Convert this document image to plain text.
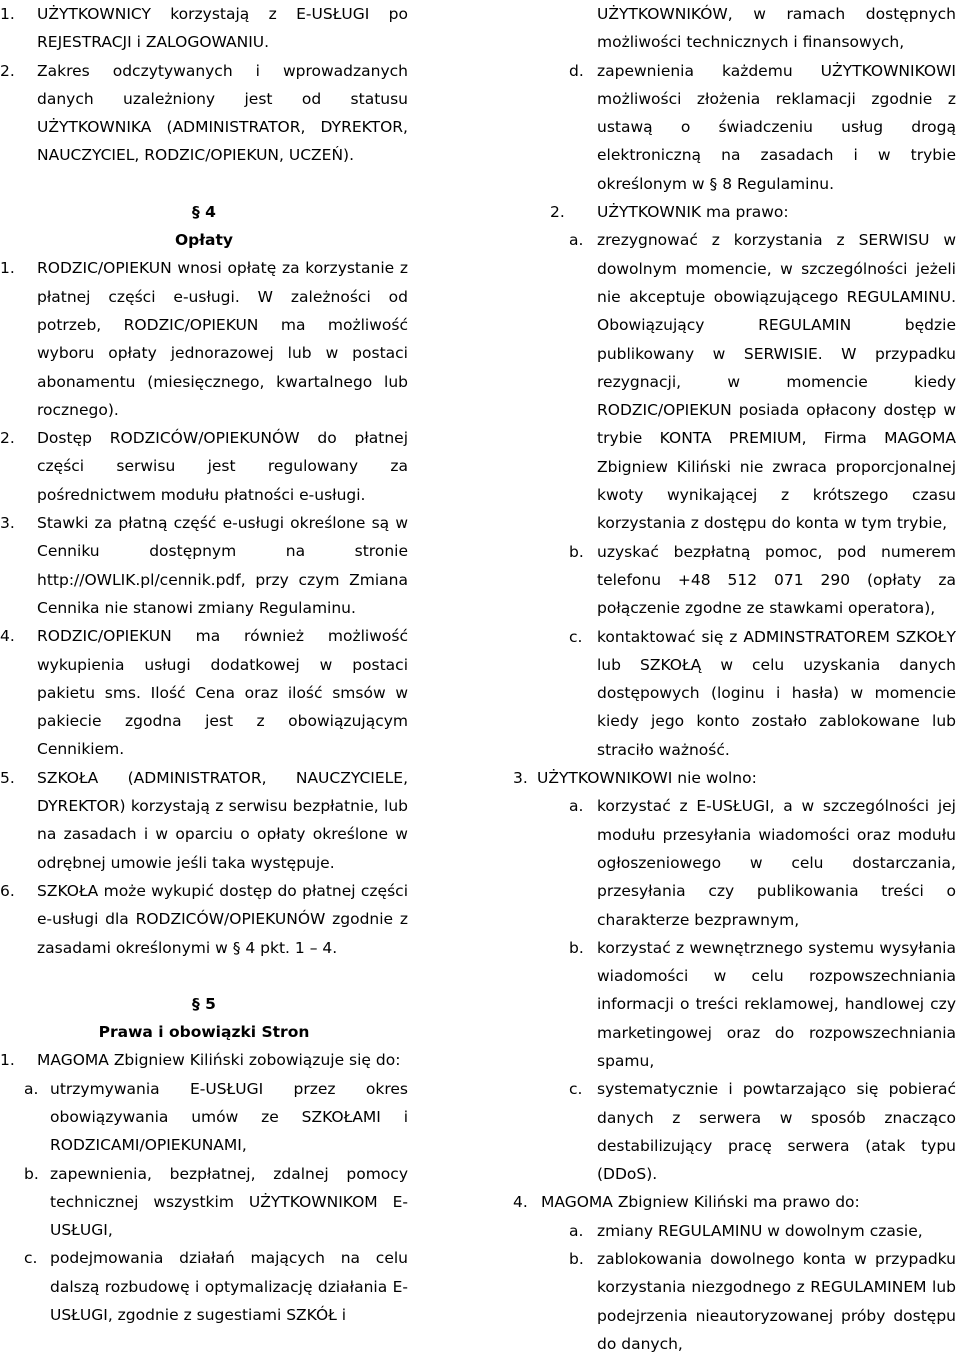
1. UŻYTKOWNICY korzystają z E-USŁUGI po REJESTRACJI i ZALOGOWANIU.
2. Zakres odczytywanych i wprowadzanych danych uzależniony jest od statusu UŻYTKOWNIKA (ADMINISTRATOR, DYREKTOR, NAUCZYCIEL, RODZIC/OPIEKUN, UCZEŃ).
§ 4
Opłaty
1. RODZIC/OPIEKUN wnosi opłatę za korzystanie z płatnej części e-usługi. W zależności od potrzeb, RODZIC/OPIEKUN ma możliwość wyboru opłaty jednorazowej lub w postaci abonamentu (miesięcznego, kwartalnego lub rocznego).
2. Dostęp RODZICÓW/OPIEKUNÓW do płatnej części serwisu jest regulowany za pośrednictwem modułu płatności e-usługi.
3. Stawki za płatną część e-usługi określone są w Cenniku dostępnym na stronie http://OWLIK.pl/cennik.pdf, przy czym Zmiana Cennika nie stanowi zmiany Regulaminu.
4. RODZIC/OPIEKUN ma również możliwość wykupienia usługi dodatkowej w postaci pakietu sms. Ilość Cena oraz ilość smsów w pakiecie zgodna jest z obowiązującym Cennikiem.
5. SZKOŁA (ADMINISTRATOR, NAUCZYCIELE, DYREKTOR) korzystają z serwisu bezpłatnie, lub na zasadach i w oparciu o opłaty określone w odrębnej umowie jeśli taka występuje.
6. SZKOŁA może wykupić dostęp do płatnej części e-usługi dla RODZICÓW/OPIEKUNÓW zgodnie z zasadami określonymi w § 4 pkt. 1 – 4.
§ 5
Prawa i obowiązki Stron
1. MAGOMA Zbigniew Kiliński zobowiązuje się do:
a. utrzymywania E-USŁUGI przez okres obowiązywania umów ze SZKOŁAMI i RODZICAMI/OPIEKUNAMI,
b. zapewnienia, bezpłatnej, zdalnej pomocy technicznej wszystkim UŻYTKOWNIKOM E-USŁUGI,
c. podejmowania działań mających na celu dalszą rozbudowę i optymalizację działania E-USŁUGI, zgodnie z sugestiami SZKÓŁ i
UŻYTKOWNIKÓW, w ramach dostępnych możliwości technicznych i finansowych,
d. zapewnienia każdemu UŻYTKOWNIKOWI możliwości złożenia reklamacji zgodnie z ustawą o świadczeniu usług drogą elektroniczną na zasadach i w trybie określonym w § 8 Regulaminu.
2. UŻYTKOWNIK ma prawo:
a. zrezygnować z korzystania z SERWISU w dowolnym momencie, w szczególności jeżeli nie akceptuje obowiązującego REGULAMINU. Obowiązujący REGULAMIN będzie publikowany w SERWISIE. W przypadku rezygnacji, w momencie kiedy RODZIC/OPIEKUN posiada opłacony dostęp w trybie KONTA PREMIUM, Firma MAGOMA Zbigniew Kiliński nie zwraca proporcjonalnej kwoty wynikającej z krótszego czasu korzystania z dostępu do konta w tym trybie,
b. uzyskać bezpłatną pomoc, pod numerem telefonu +48 512 071 290 (opłaty za połączenie zgodne ze stawkami operatora),
c. kontaktować się z ADMINSTRATOREM SZKOŁY lub SZKOŁĄ w celu uzyskania danych dostępowych (loginu i hasła) w momencie kiedy jego konto zostało zablokowane lub straciło ważność.
3. UŻYTKOWNIKOWI nie wolno:
a. korzystać z E-USŁUGI, a w szczególności jej modułu przesyłania wiadomości oraz modułu ogłoszeniowego w celu dostarczania, przesyłania czy publikowania treści o charakterze bezprawnym,
b. korzystać z wewnętrznego systemu wysyłania wiadomości w celu rozpowszechniania informacji o treści reklamowej, handlowej czy marketingowej oraz do rozpowszechniania spamu,
c. systematycznie i powtarzająco się pobierać danych z serwera w sposób znacząco destabilizujący pracę serwera (atak typu (DDoS).
4. MAGOMA Zbigniew Kiliński ma prawo do:
a. zmiany REGULAMINU w dowolnym czasie,
b. zablokowania dowolnego konta w przypadku korzystania niezgodnego z REGULAMINEM lub podejrzenia nieautoryzowanej próby dostępu do danych,
